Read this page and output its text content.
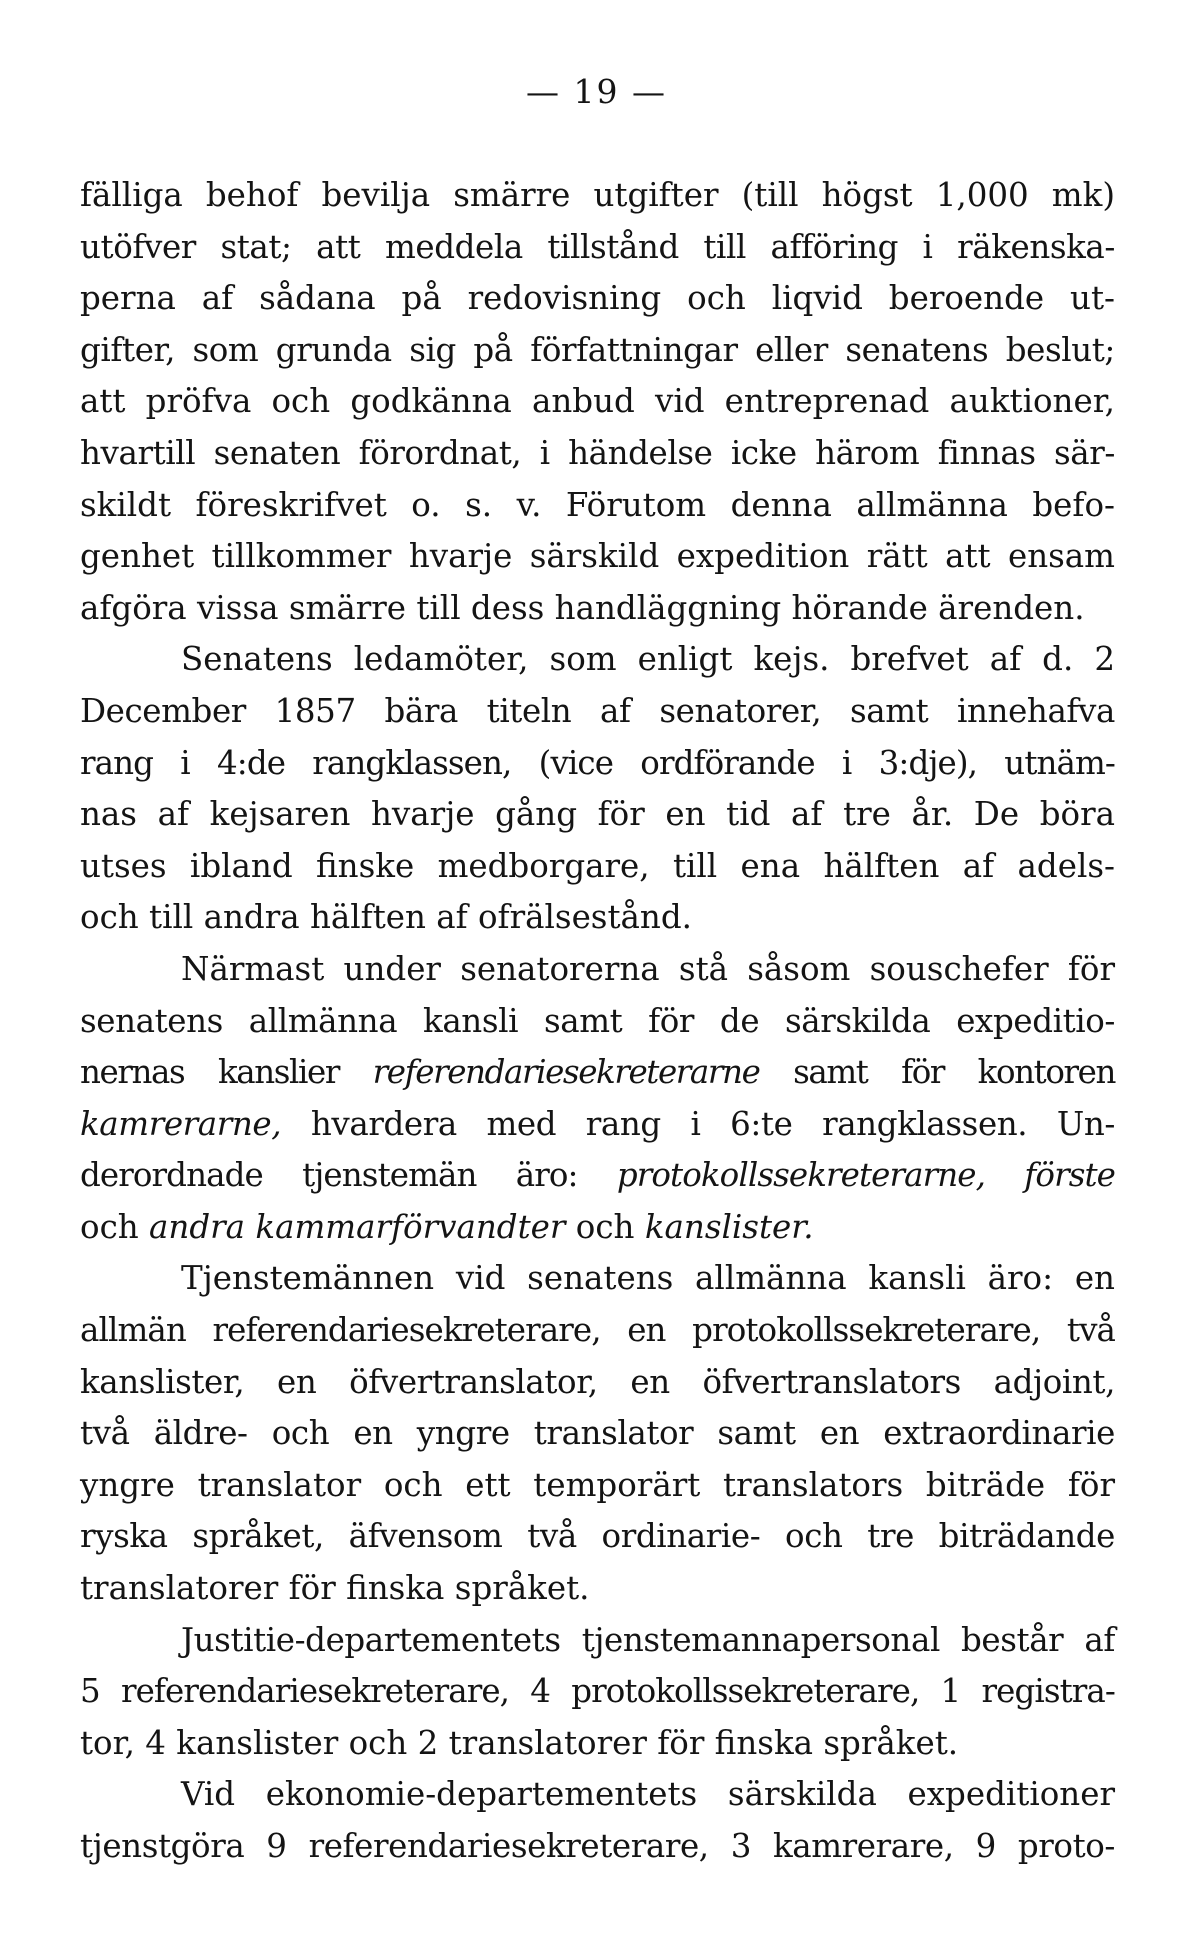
— 19 —
fälliga behof bevilja smärre utgifter (till högst 1,000 mk)
utöfver stat; att meddela tillstånd till afföring i räkenska-
perna af sådana på redovisning och liqvid beroende ut-
gifter, som grunda sig på författningar eller senatens beslut;
att pröfva och godkänna anbud vid entreprenad auktioner,
hvartill senaten förordnat, i händelse icke härom finnas sär-
skildt föreskrifvet o. s. v. Förutom denna allmänna befo-
genhet tillkommer hvarje särskild expedition rätt att ensam
afgöra vissa smärre till dess handläggning hörande ärenden.
Senatens ledamöter, som enligt kejs. brefvet af d. 2
December 1857 bära titeln af senatorer, samt innehafva
rang i 4:de rangklassen, (vice ordförande i 3:dje), utnäm-
nas af kejsaren hvarje gång för en tid af tre år. De böra
utses ibland finske medborgare, till ena hälften af adels-
och till andra hälften af ofrälsestånd.
Närmast under senatorerna stå såsom souschefer för
senatens allmänna kansli samt för de särskilda expeditio-
nernas kanslier referendariesekreterarne samt för kontoren
kamrerarne, hvardera med rang i 6:te rangklassen. Un-
derordnade tjenstemän äro: protokollssekreterarne, förste
och andra kammarförvandter och kanslister.
Tjenstemännen vid senatens allmänna kansli äro: en
allmän referendariesekreterare, en protokollssekreterare, två
kanslister, en öfvertranslator, en öfvertranslators adjoint,
två äldre- och en yngre translator samt en extraordinarie
yngre translator och ett temporärt translators biträde för
ryska språket, äfvensom två ordinarie- och tre biträdande
translatorer för finska språket.
Justitie-departementets tjenstemannapersonal består af
5 referendariesekreterare, 4 protokollssekreterare, 1 registra-
tor, 4 kanslister och 2 translatorer för finska språket.
Vid ekonomie-departementets särskilda expeditioner
tjenstgöra 9 referendariesekreterare, 3 kamrerare, 9 proto-
